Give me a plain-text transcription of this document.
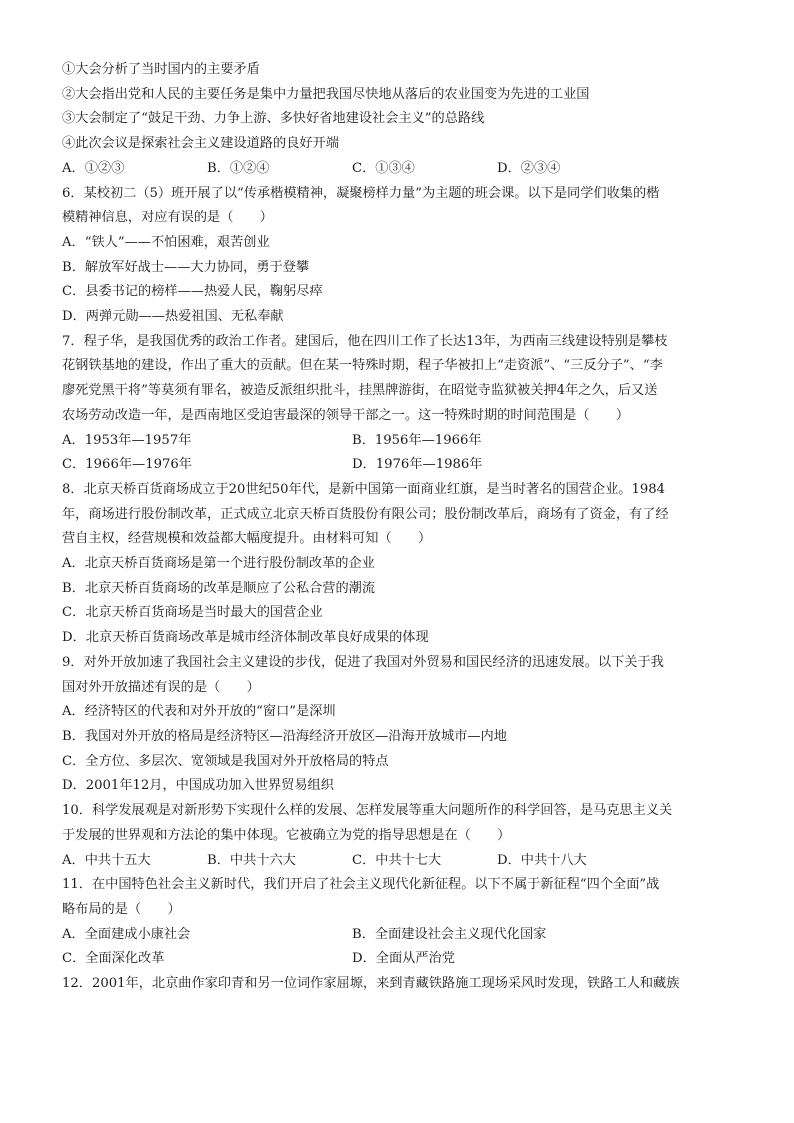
①大会分析了当时国内的主要矛盾
②大会指出党和人民的主要任务是集中力量把我国尽快地从落后的农业国变为先进的工业国
③大会制定了“鼓足干劲、力争上游、多快好省地建设社会主义”的总路线
④此次会议是探索社会主义建设道路的良好开端
A．①②③	B．①②④	C．①③④	D．②③④
6．某校初二（5）班开展了以“传承楷模精神，凝聚榜样力量”为主题的班会课。以下是同学们收集的楷
模精神信息，对应有误的是（　　）
A．“铁人”——不怕困难，艰苦创业
B．解放军好战士——大力协同，勇于登攀
C．县委书记的榜样——热爱人民，鞠躬尽瘁
D．两弹元勋——热爱祖国、无私奉献
7．程子华，是我国优秀的政治工作者。建国后，他在四川工作了长达13年，为西南三线建设特别是攀枝
花钢铁基地的建设，作出了重大的贡献。但在某一特殊时期，程子华被扣上“走资派”、“三反分子”、“李
廖死党黑干将”等莫须有罪名，被造反派组织批斗，挂黑牌游街，在昭觉寺监狱被关押4年之久，后又送
农场劳动改造一年，是西南地区受迫害最深的领导干部之一。这一特殊时期的时间范围是（　　）
A．1953年—1957年	B．1956年—1966年
C．1966年—1976年	D．1976年—1986年
8．北京天桥百货商场成立于20世纪50年代，是新中国第一面商业红旗，是当时著名的国营企业。1984
年，商场进行股份制改革，正式成立北京天桥百货股份有限公司；股份制改革后，商场有了资金，有了经
营自主权，经营规模和效益都大幅度提升。由材料可知（　　）
A．北京天桥百货商场是第一个进行股份制改革的企业
B．北京天桥百货商场的改革是顺应了公私合营的潮流
C．北京天桥百货商场是当时最大的国营企业
D．北京天桥百货商场改革是城市经济体制改革良好成果的体现
9．对外开放加速了我国社会主义建设的步伐，促进了我国对外贸易和国民经济的迅速发展。以下关于我
国对外开放描述有误的是（　　）
A．经济特区的代表和对外开放的“窗口”是深圳
B．我国对外开放的格局是经济特区—沿海经济开放区—沿海开放城市—内地
C．全方位、多层次、宽领域是我国对外开放格局的特点
D．2001年12月，中国成功加入世界贸易组织
10．科学发展观是对新形势下实现什么样的发展、怎样发展等重大问题所作的科学回答，是马克思主义关
于发展的世界观和方法论的集中体现。它被确立为党的指导思想是在（　　）
A．中共十五大	B．中共十六大	C．中共十七大	D．中共十八大
11．在中国特色社会主义新时代，我们开启了社会主义现代化新征程。以下不属于新征程“四个全面”战
略布局的是（　　）
A．全面建成小康社会	B．全面建设社会主义现代化国家
C．全面深化改革	D．全面从严治党
12．2001年，北京曲作家印青和另一位词作家屈塬，来到青藏铁路施工现场采风时发现，铁路工人和藏族
